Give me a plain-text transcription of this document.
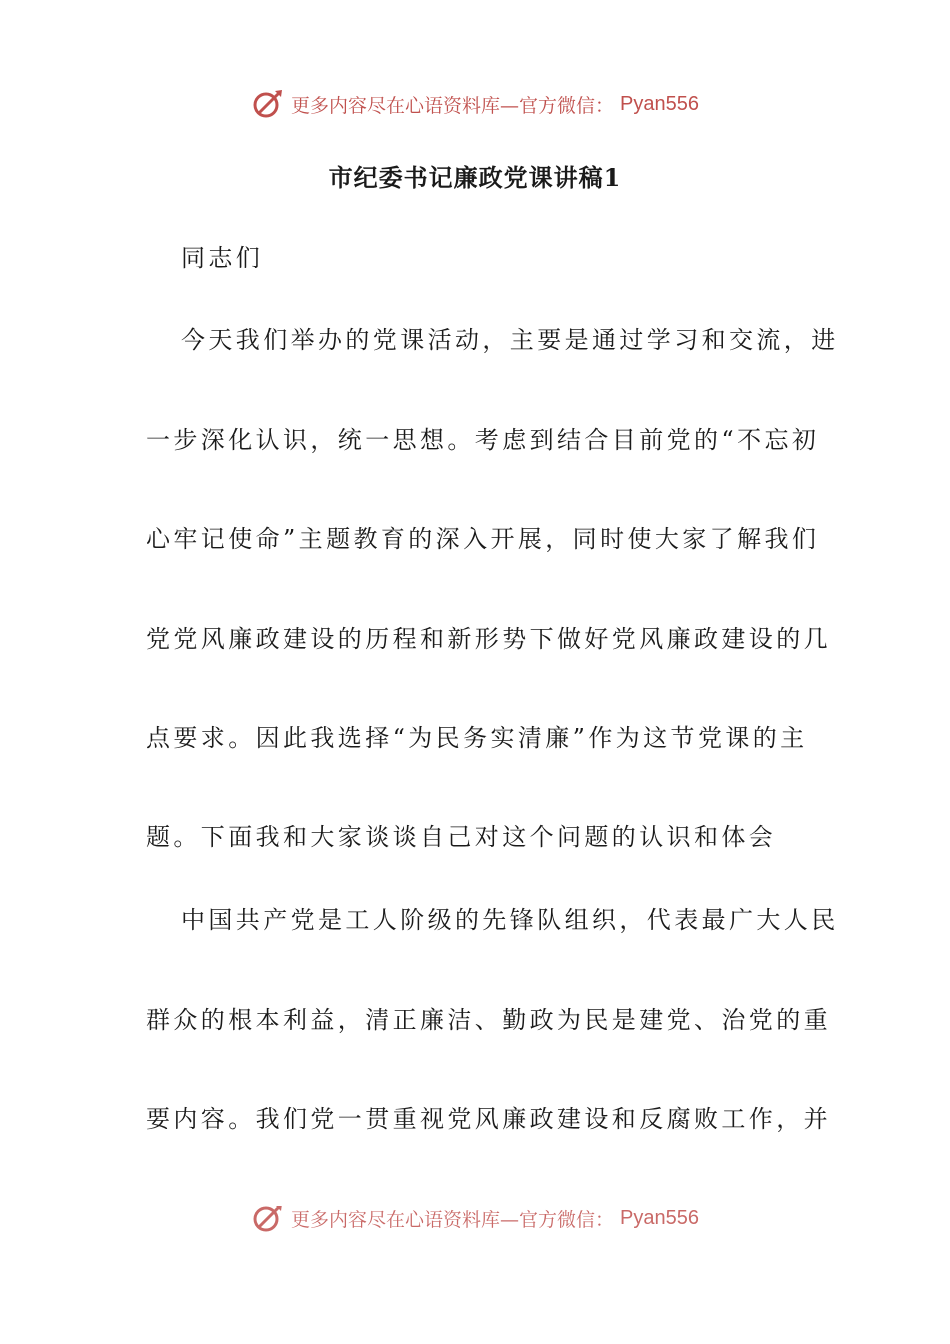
更多内容尽在心语资料库—官方微信： Pyan556
市纪委书记廉政党课讲稿1
同志们
今天我们举办的党课活动，主要是通过学习和交流，进
一步深化认识，统一思想。考虑到结合目前党的“不忘初
心牢记使命”主题教育的深入开展，同时使大家了解我们
党党风廉政建设的历程和新形势下做好党风廉政建设的几
点要求。因此我选择“为民务实清廉”作为这节党课的主
题。下面我和大家谈谈自己对这个问题的认识和体会
中国共产党是工人阶级的先锋队组织，代表最广大人民
群众的根本利益，清正廉洁、勤政为民是建党、治党的重
要内容。我们党一贯重视党风廉政建设和反腐败工作，并
更多内容尽在心语资料库—官方微信： Pyan556
